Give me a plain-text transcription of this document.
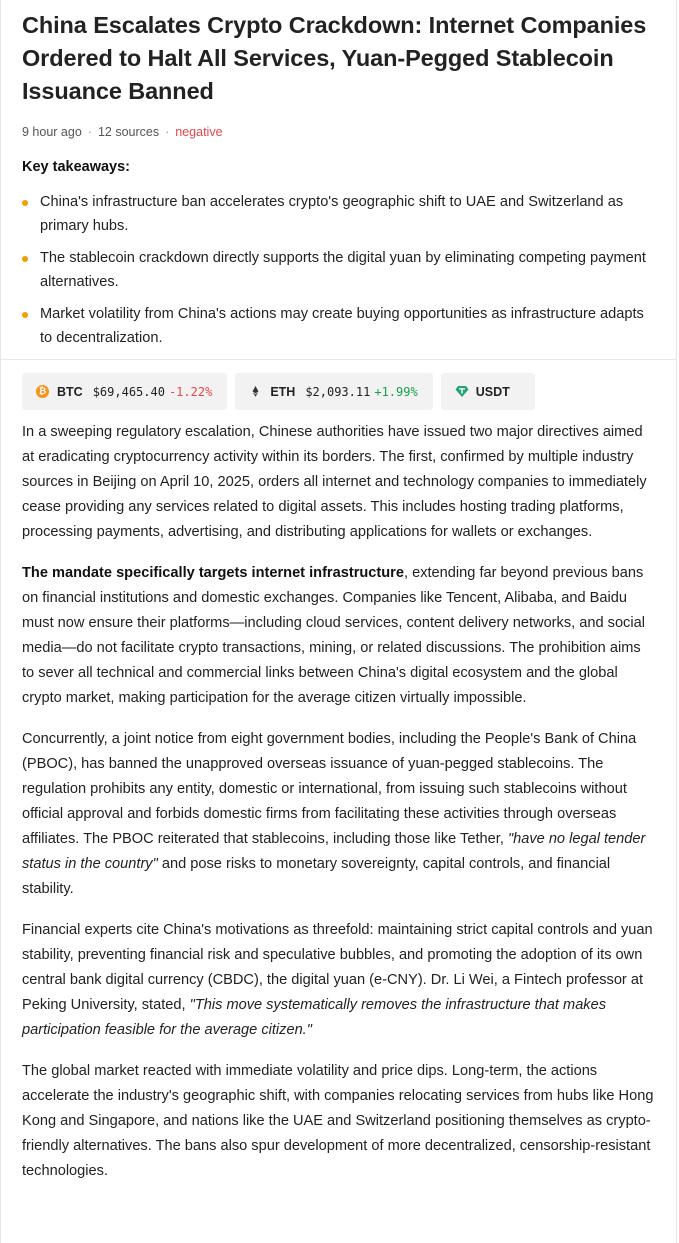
China Escalates Crypto Crackdown: Internet Companies Ordered to Halt All Services, Yuan-Pegged Stablecoin Issuance Banned
9 hour ago · 12 sources · negative
Key takeaways:
China's infrastructure ban accelerates crypto's geographic shift to UAE and Switzerland as primary hubs.
The stablecoin crackdown directly supports the digital yuan by eliminating competing payment alternatives.
Market volatility from China's actions may create buying opportunities as infrastructure adapts to decentralization.
₿ BTC $69,465.40 -1.22%	ETH $2,093.11 +1.99%	USDT

In a sweeping regulatory escalation, Chinese authorities have issued two major directives aimed at eradicating cryptocurrency activity within its borders. The first, confirmed by multiple industry sources in Beijing on April 10, 2025, orders all internet and technology companies to immediately cease providing any services related to digital assets. This includes hosting trading platforms, processing payments, advertising, and distributing applications for wallets or exchanges.

The mandate specifically targets internet infrastructure, extending far beyond previous bans on financial institutions and domestic exchanges. Companies like Tencent, Alibaba, and Baidu must now ensure their platforms—including cloud services, content delivery networks, and social media—do not facilitate crypto transactions, mining, or related discussions. The prohibition aims to sever all technical and commercial links between China's digital ecosystem and the global crypto market, making participation for the average citizen virtually impossible.

Concurrently, a joint notice from eight government bodies, including the People's Bank of China (PBOC), has banned the unapproved overseas issuance of yuan-pegged stablecoins. The regulation prohibits any entity, domestic or international, from issuing such stablecoins without official approval and forbids domestic firms from facilitating these activities through overseas affiliates. The PBOC reiterated that stablecoins, including those like Tether, "have no legal tender status in the country" and pose risks to monetary sovereignty, capital controls, and financial stability.

Financial experts cite China's motivations as threefold: maintaining strict capital controls and yuan stability, preventing financial risk and speculative bubbles, and promoting the adoption of its own central bank digital currency (CBDC), the digital yuan (e-CNY). Dr. Li Wei, a Fintech professor at Peking University, stated, "This move systematically removes the infrastructure that makes participation feasible for the average citizen."

The global market reacted with immediate volatility and price dips. Long-term, the actions accelerate the industry's geographic shift, with companies relocating services from hubs like Hong Kong and Singapore, and nations like the UAE and Switzerland positioning themselves as crypto-friendly alternatives. The bans also spur development of more decentralized, censorship-resistant technologies.
